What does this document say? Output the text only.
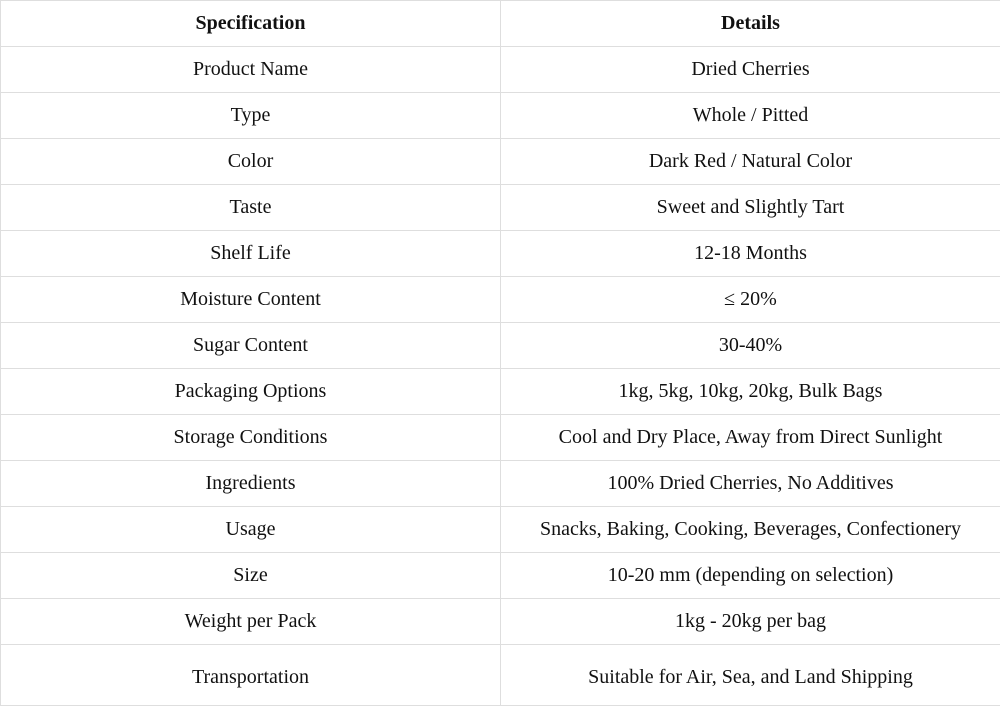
Specification	Details
Product Name	Dried Cherries
Type	Whole / Pitted
Color	Dark Red / Natural Color
Taste	Sweet and Slightly Tart
Shelf Life	12-18 Months
Moisture Content	≤ 20%
Sugar Content	30-40%
Packaging Options	1kg, 5kg, 10kg, 20kg, Bulk Bags
Storage Conditions	Cool and Dry Place, Away from Direct Sunlight
Ingredients	100% Dried Cherries, No Additives
Usage	Snacks, Baking, Cooking, Beverages, Confectionery
Size	10-20 mm (depending on selection)
Weight per Pack	1kg - 20kg per bag
Transportation	Suitable for Air, Sea, and Land Shipping
